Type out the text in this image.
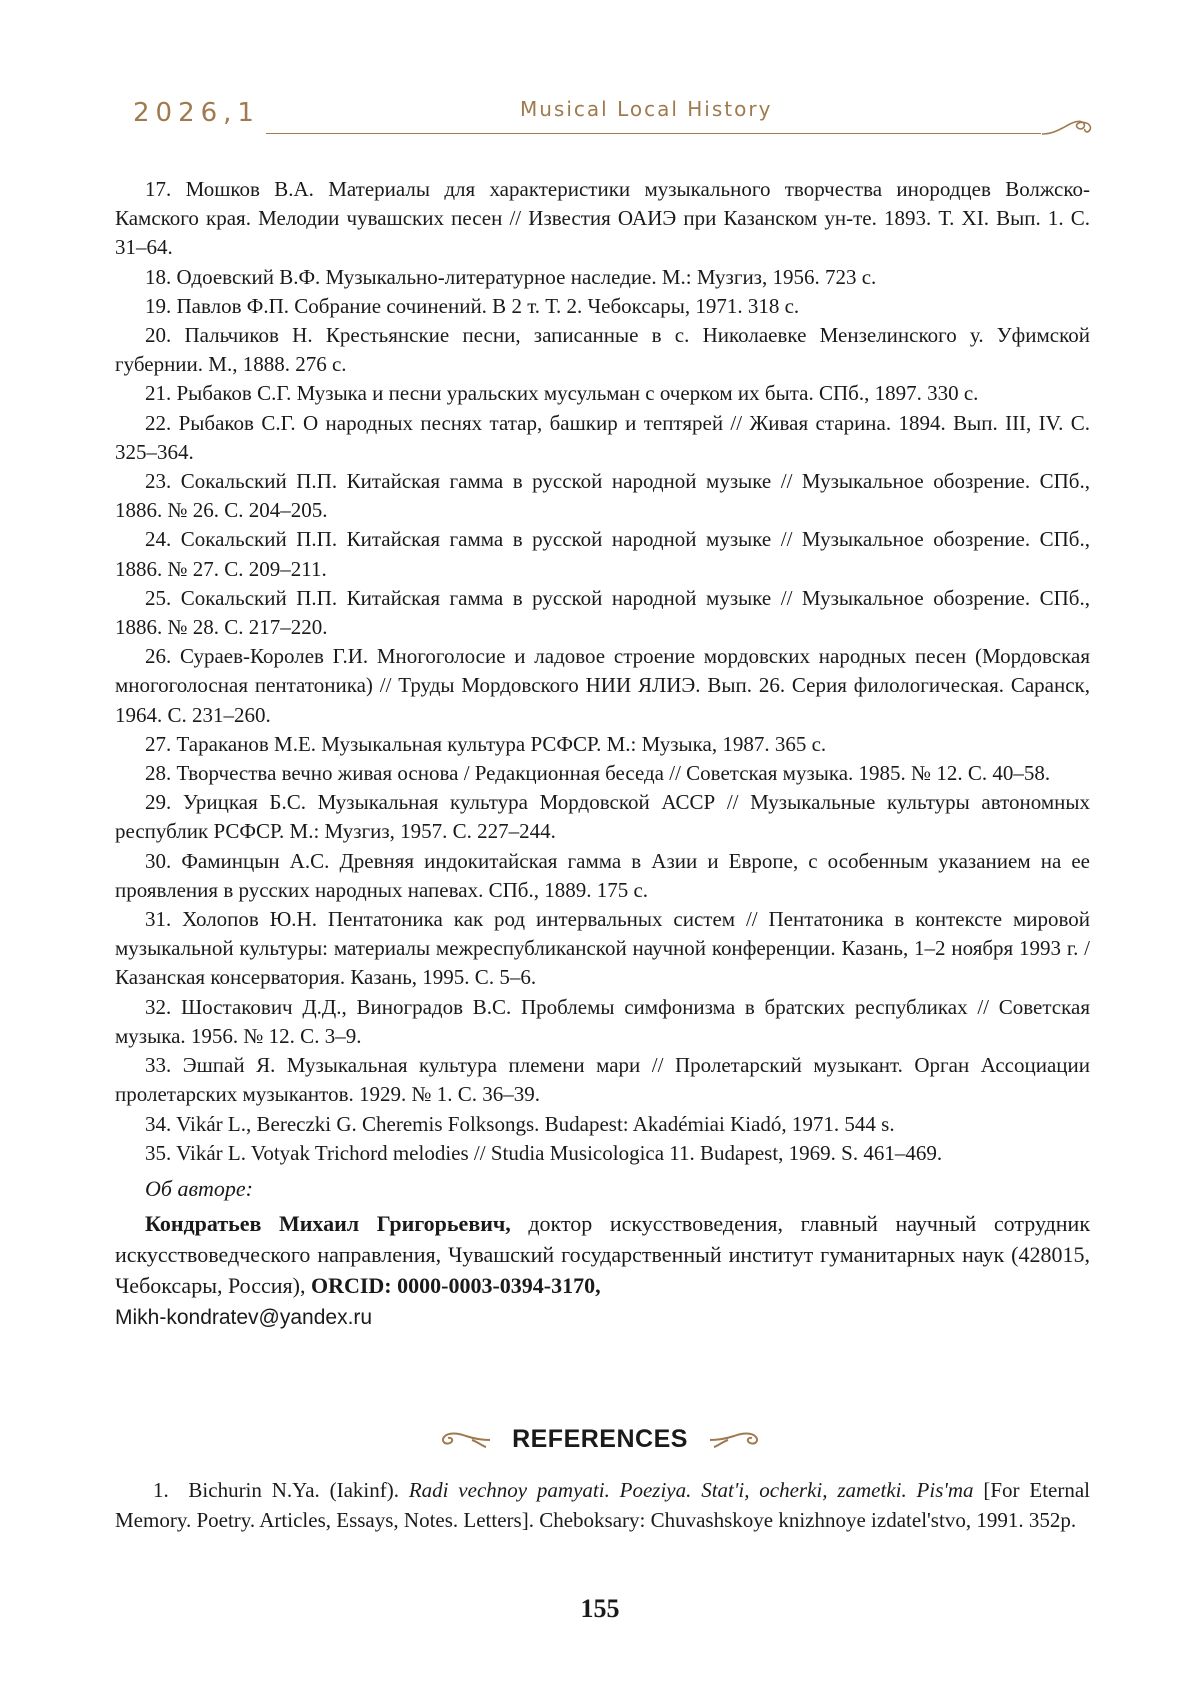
2026,1	Musical Local History

17. Мошков В.А. Материалы для характеристики музыкального творчества инородцев Волжско-Камского края. Мелодии чувашских песен // Известия ОАИЭ при Казанском ун-те. 1893. Т. XI. Вып. 1. С. 31–64.

18. Одоевский В.Ф. Музыкально-литературное наследие. М.: Музгиз, 1956. 723 с.

19. Павлов Ф.П. Собрание сочинений. В 2 т. Т. 2. Чебоксары, 1971. 318 с.

20. Пальчиков Н. Крестьянские песни, записанные в с. Николаевке Мензелинского у. Уфимской губернии. М., 1888. 276 с.

21. Рыбаков С.Г. Музыка и песни уральских мусульман с очерком их быта. СПб., 1897. 330 с.

22. Рыбаков С.Г. О народных песнях татар, башкир и тептярей // Живая старина. 1894. Вып. III, IV. С. 325–364.

23. Сокальский П.П. Китайская гамма в русской народной музыке // Музыкальное обозрение. СПб., 1886. № 26. С. 204–205.

24. Сокальский П.П. Китайская гамма в русской народной музыке // Музыкальное обозрение. СПб., 1886. № 27. С. 209–211.

25. Сокальский П.П. Китайская гамма в русской народной музыке // Музыкальное обозрение. СПб., 1886. № 28. С. 217–220.

26. Сураев-Королев Г.И. Многоголосие и ладовое строение мордовских народных песен (Мордовская многоголосная пентатоника) // Труды Мордовского НИИ ЯЛИЭ. Вып. 26. Серия филологическая. Саранск, 1964. С. 231–260.

27. Тараканов М.Е. Музыкальная культура РСФСР. М.: Музыка, 1987. 365 с.

28. Творчества вечно живая основа / Редакционная беседа // Советская музыка. 1985. № 12. С. 40–58.

29. Урицкая Б.С. Музыкальная культура Мордовской АССР // Музыкальные культуры автономных республик РСФСР. М.: Музгиз, 1957. С. 227–244.

30. Фаминцын А.С. Древняя индокитайская гамма в Азии и Европе, с особенным указанием на ее проявления в русских народных напевах. СПб., 1889. 175 с.

31. Холопов Ю.Н. Пентатоника как род интервальных систем // Пентатоника в контексте мировой музыкальной культуры: материалы межреспубликанской научной конференции. Казань, 1–2 ноября 1993 г. / Казанская консерватория. Казань, 1995. С. 5–6.

32. Шостакович Д.Д., Виноградов В.С. Проблемы симфонизма в братских республиках // Советская музыка. 1956. № 12. С. 3–9.

33. Эшпай Я. Музыкальная культура племени мари // Пролетарский музыкант. Орган Ассоциации пролетарских музыкантов. 1929. № 1. С. 36–39.

34. Vikár L., Bereczki G. Cheremis Folksongs. Budapest: Akadémiai Kiadó, 1971. 544 s.

35. Vikár L. Votyak Trichord melodies // Studia Musicologica 11. Budapest, 1969. S. 461–469.

Об авторе:

Кондратьев Михаил Григорьевич, доктор искусствоведения, главный научный сотрудник искусствоведческого направления, Чувашский государственный институт гуманитарных наук (428015, Чебоксары, Россия), ORCID: 0000-0003-0394-3170,
Mikh-kondratev@yandex.ru

REFERENCES

1. Bichurin N.Ya. (Iakinf). Radi vechnoy pamyati. Poeziya. Stat'i, ocherki, zametki. Pis'ma [For Eternal Memory. Poetry. Articles, Essays, Notes. Letters]. Cheboksary: Chuvashskoye knizhnoye izdatel'stvo, 1991. 352p.

155
